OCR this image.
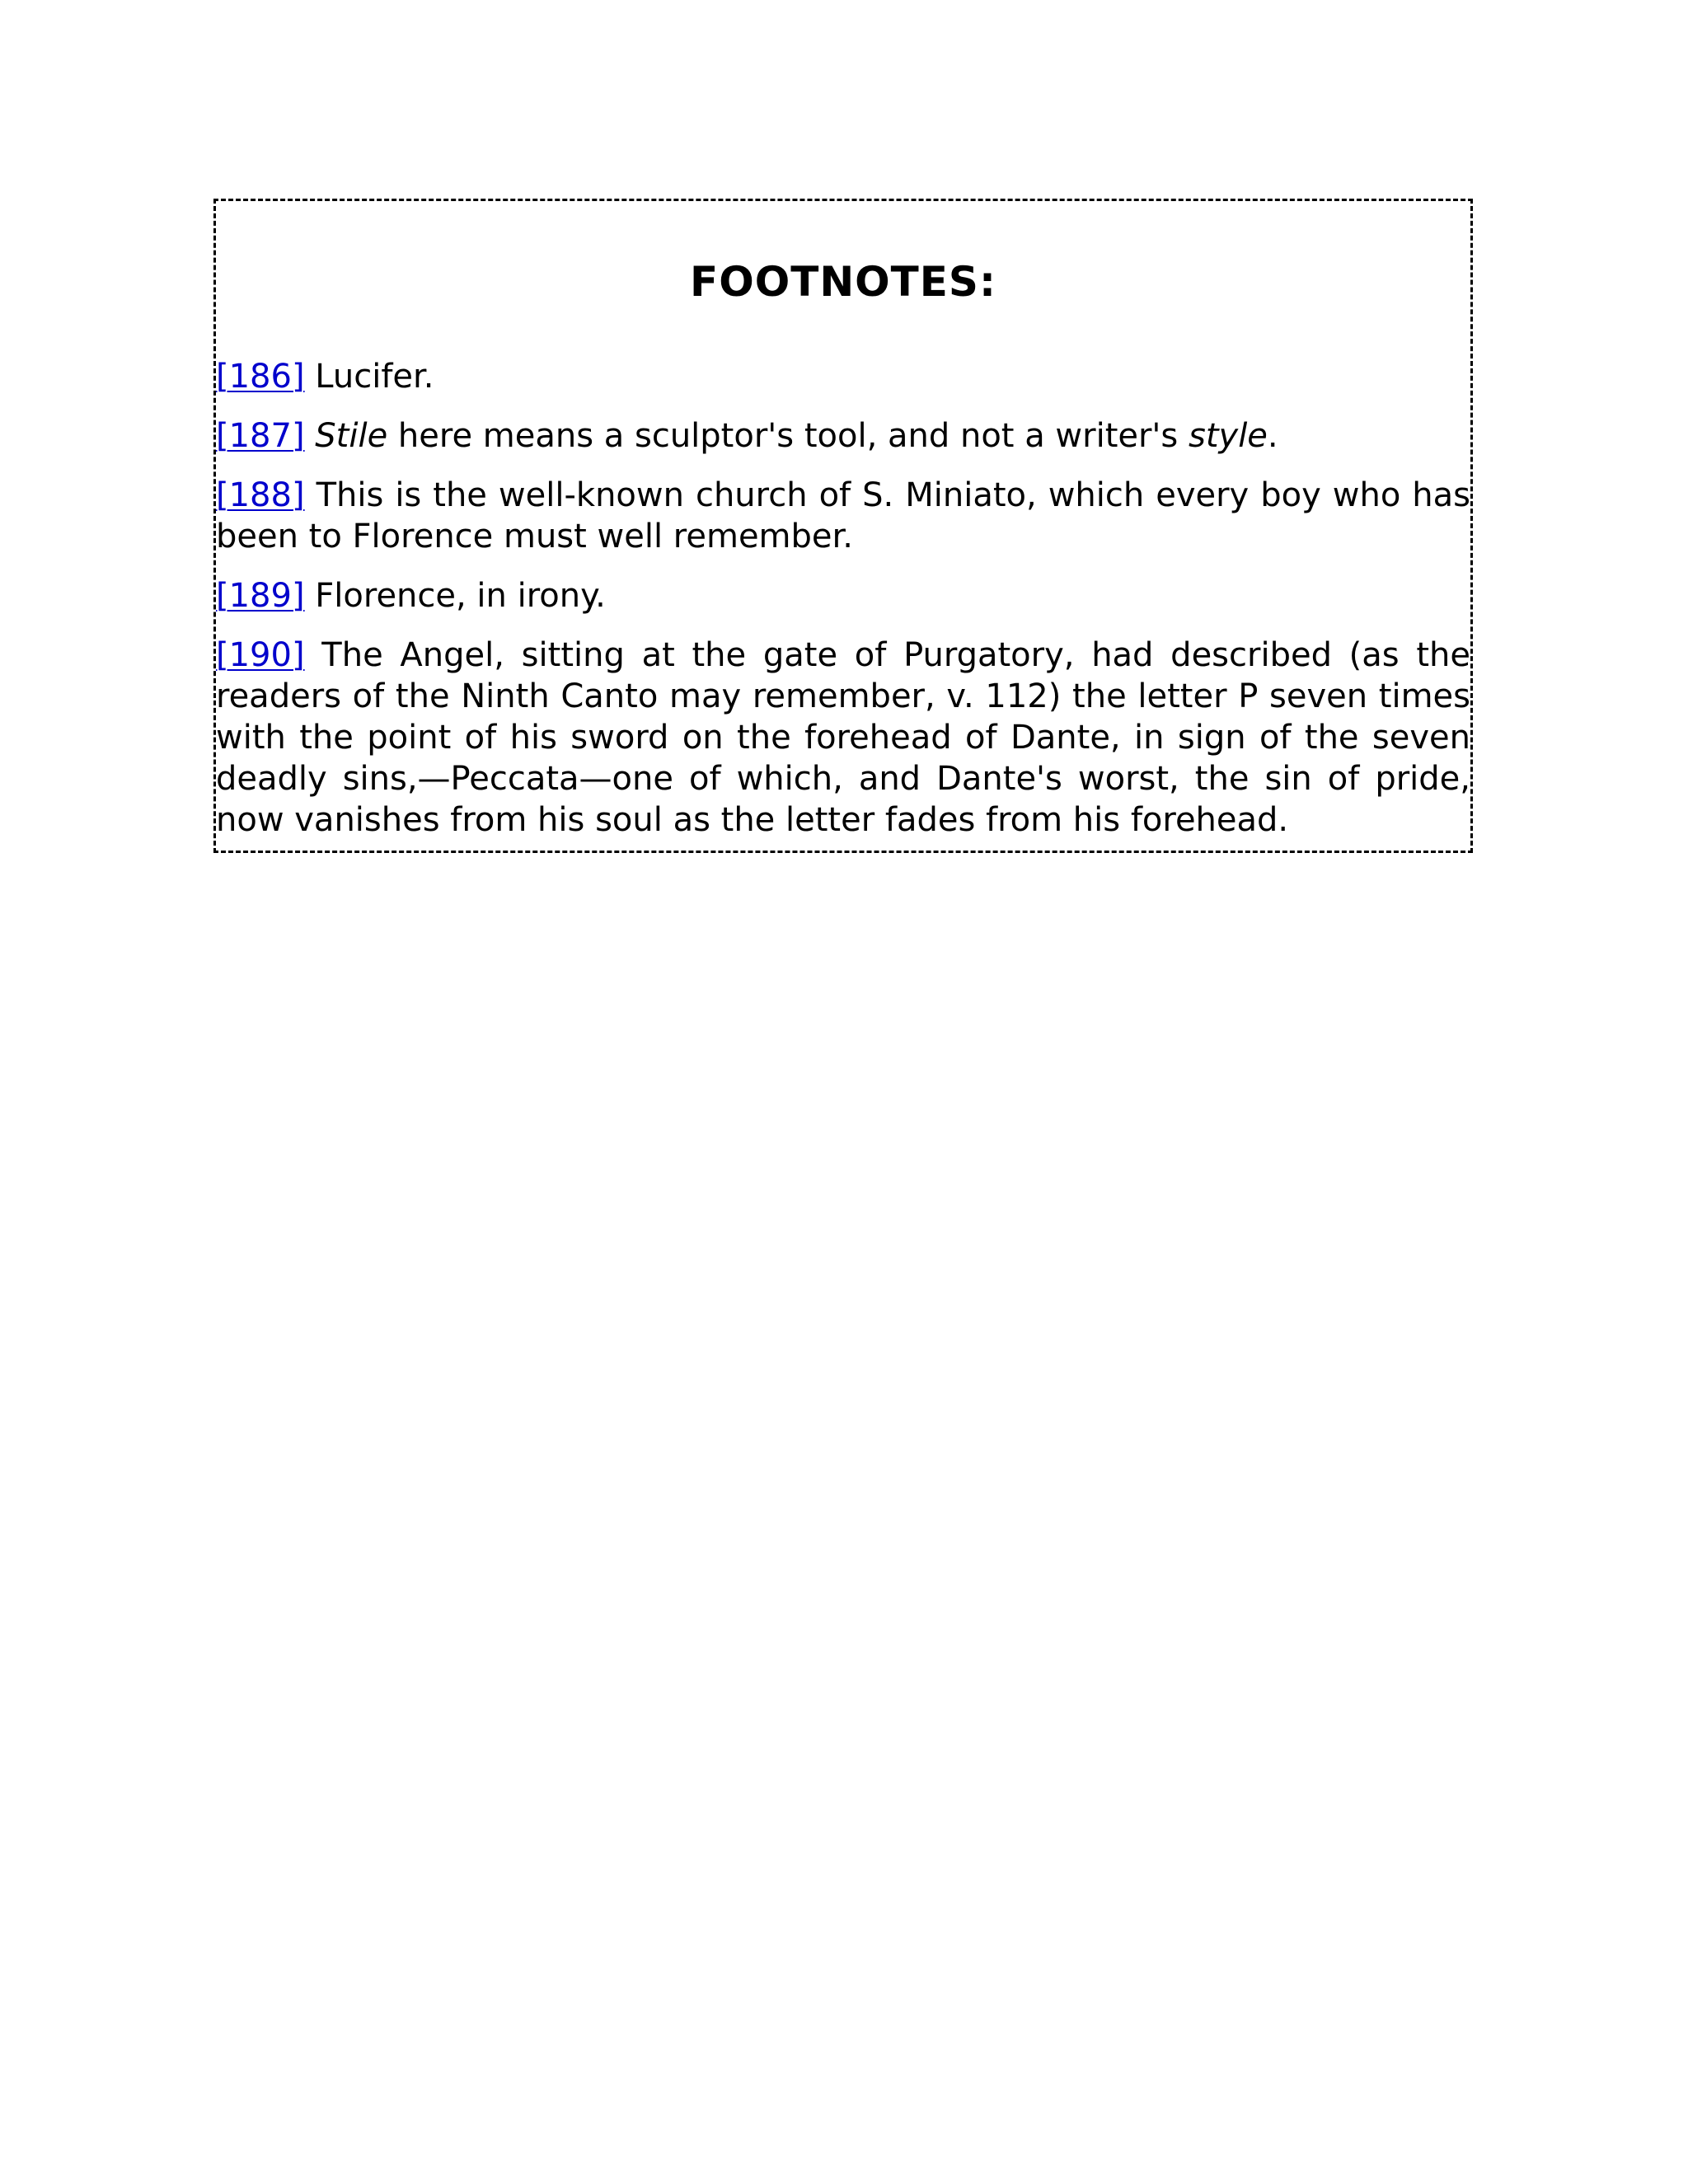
FOOTNOTES:

[186] Lucifer.

[187] Stile here means a sculptor's tool, and not a writer's style.

[188] This is the well-known church of S. Miniato, which every boy who has been to Florence must well remember.

[189] Florence, in irony.

[190] The Angel, sitting at the gate of Purgatory, had described (as the readers of the Ninth Canto may remember, v. 112) the letter P seven times with the point of his sword on the forehead of Dante, in sign of the seven deadly sins,—Peccata—one of which, and Dante's worst, the sin of pride, now vanishes from his soul as the letter fades from his forehead.
